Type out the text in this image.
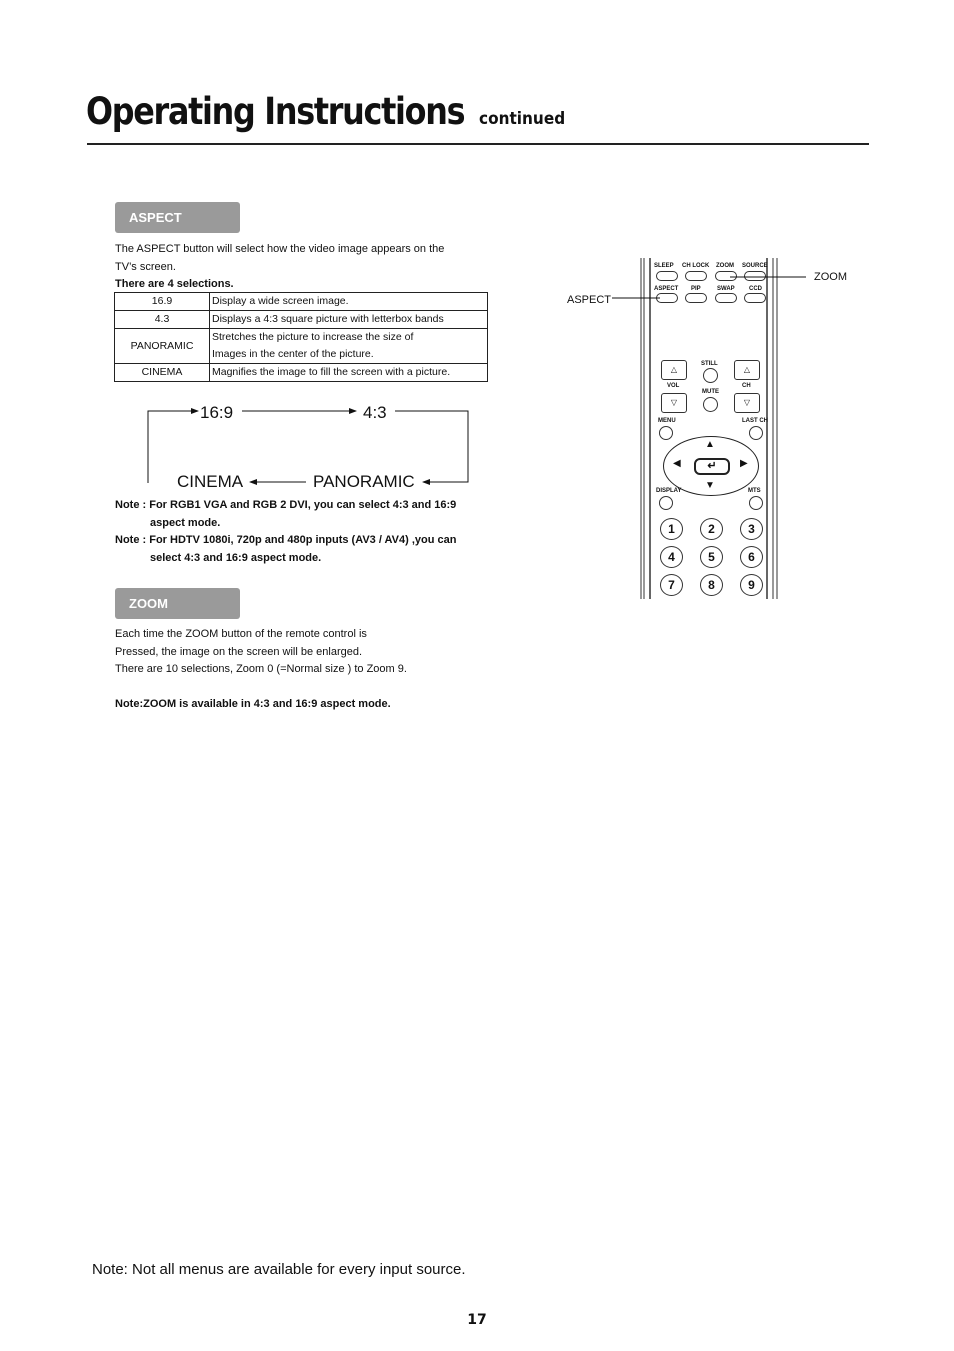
Operating Instructions continued
ASPECT
The ASPECT button will select how the video image appears on the
TV’s screen.
There are 4 selections.
16.9	Display a wide screen image.
4.3	Displays a 4:3 square picture with letterbox bands
PANORAMIC	Stretches the picture to increase the size of
Images in the center of the picture.

CINEMA	Magnifies the image to fill the screen with a picture.
16:9	4:3
PANORAMIC
CINEMA
Note : For RGB1 VGA and RGB 2 DVI, you can select 4:3 and 16:9
aspect mode.
Note : For HDTV 1080i, 720p and 480p inputs (AV3 / AV4) ,you can
select 4:3 and 16:9 aspect mode.
ZOOM
Each time the ZOOM button of the remote control is
Pressed, the image on the screen will be enlarged.
There are 10 selections, Zoom 0 (=Normal size ) to Zoom 9.
Note:ZOOM is available in 4:3 and 16:9 aspect mode.
SLEEP CH LOCK ZOOM SOURCE
ASPECT PIP	SWAP CCD
△	△
STILL
VOL	CH
MUTE
▽	▽
MENU	LAST CH
▲
▼
◀	▶
↵
DISPLAY	MTS
1	2	3
4	5	6
7	8	9
ZOOM
ASPECT
Note: Not all menus are available for every input source.
17
